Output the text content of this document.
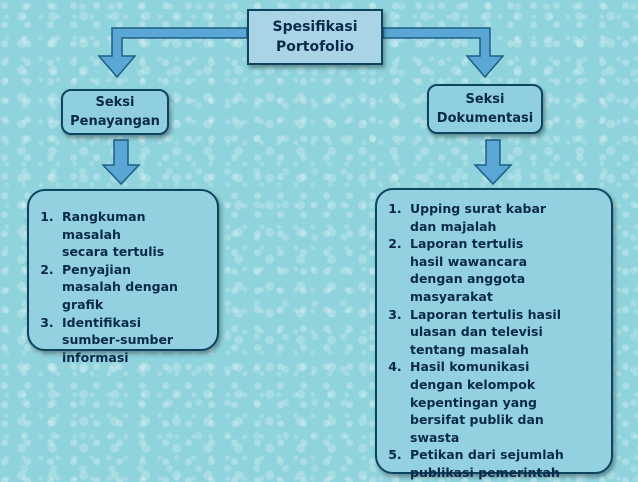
Spesifikasi
Portofolio
Seksi
Penayangan
Seksi
Dokumentasi
1. Rangkuman masalah secara tertulis
2. Penyajian masalah dengan grafik
3. Identifikasi sumber-sumber informasi
1. Upping surat kabar dan majalah
2. Laporan tertulis hasil wawancara dengan anggota masyarakat
3. Laporan tertulis hasil ulasan dan televisi tentang masalah
4. Hasil komunikasi dengan kelompok kepentingan yang bersifat publik dan swasta
5. Petikan dari sejumlah publikasi pemerintah
